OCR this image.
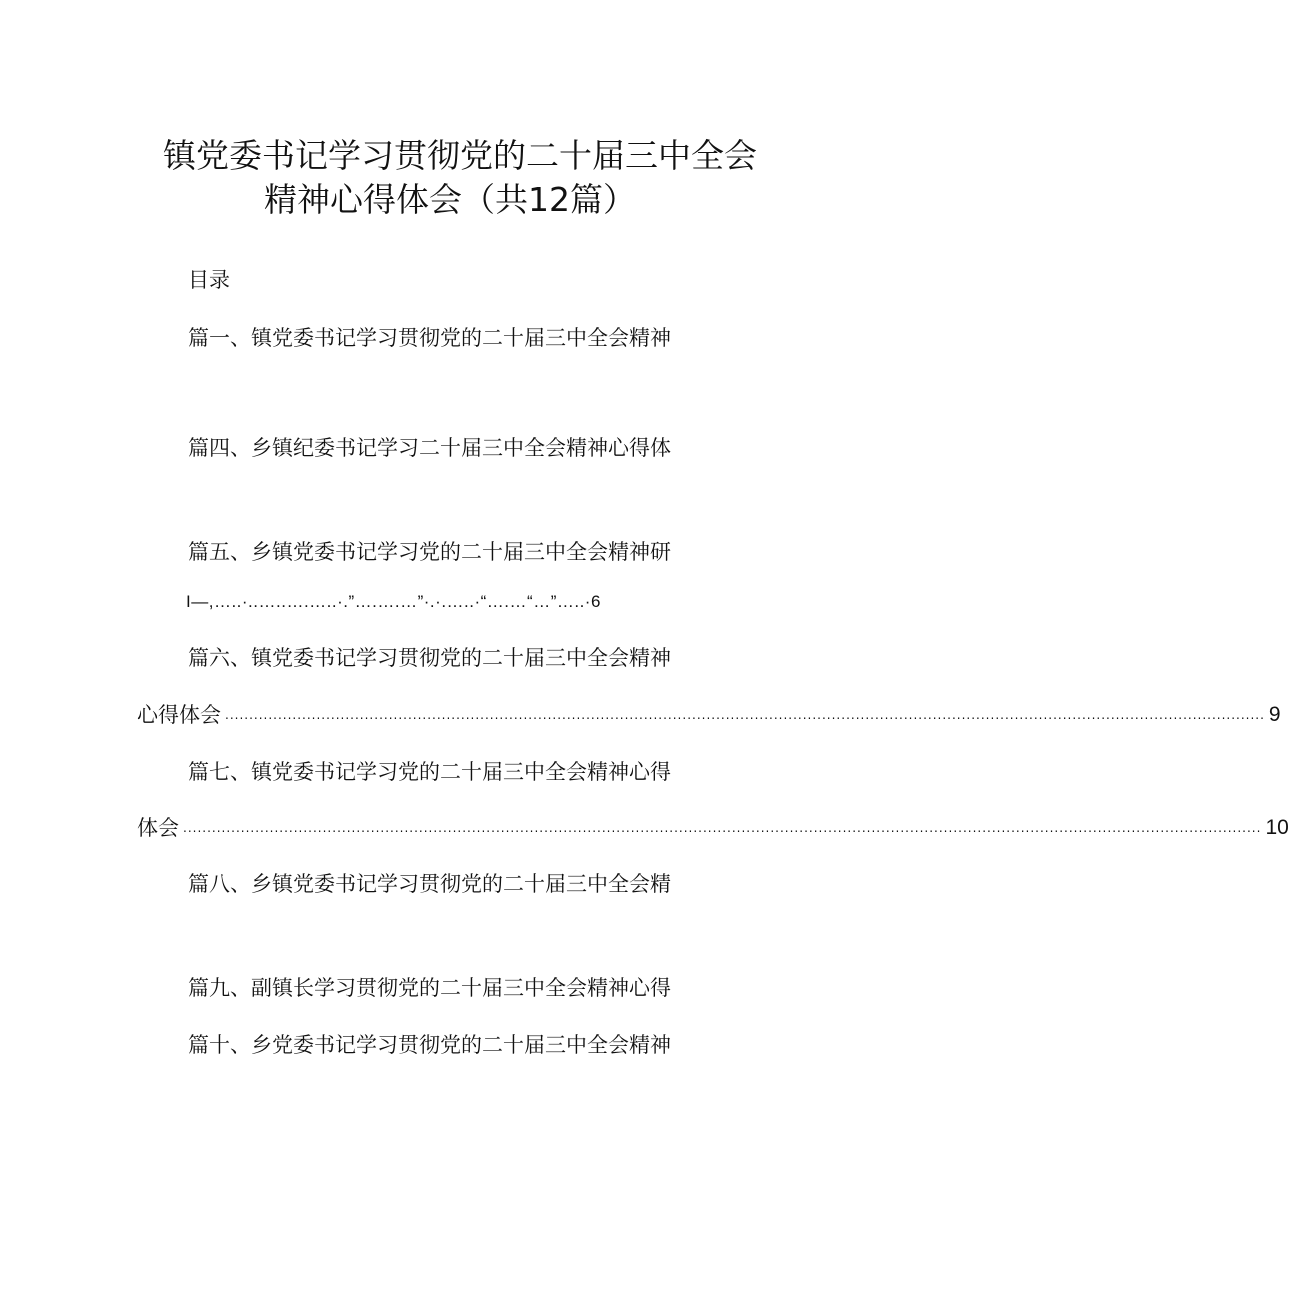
镇党委书记学习贯彻党的二十届三中全会
精神心得体会（共12篇）
目录
篇一、镇党委书记学习贯彻党的二十届三中全会精神
篇四、乡镇纪委书记学习二十届三中全会精神心得体
篇五、乡镇党委书记学习党的二十届三中全会精神研
I—,…..·..…..….…..·.”….….…”·.·.…..·“….…“…”…..·6
篇六、镇党委书记学习贯彻党的二十届三中全会精神
心得体会 ........................................................................................................................................................................................................................ 9
篇七、镇党委书记学习党的二十届三中全会精神心得
体会 ................................................................................................................................................................................................................................ 10
篇八、乡镇党委书记学习贯彻党的二十届三中全会精
篇九、副镇长学习贯彻党的二十届三中全会精神心得
篇十、乡党委书记学习贯彻党的二十届三中全会精神
